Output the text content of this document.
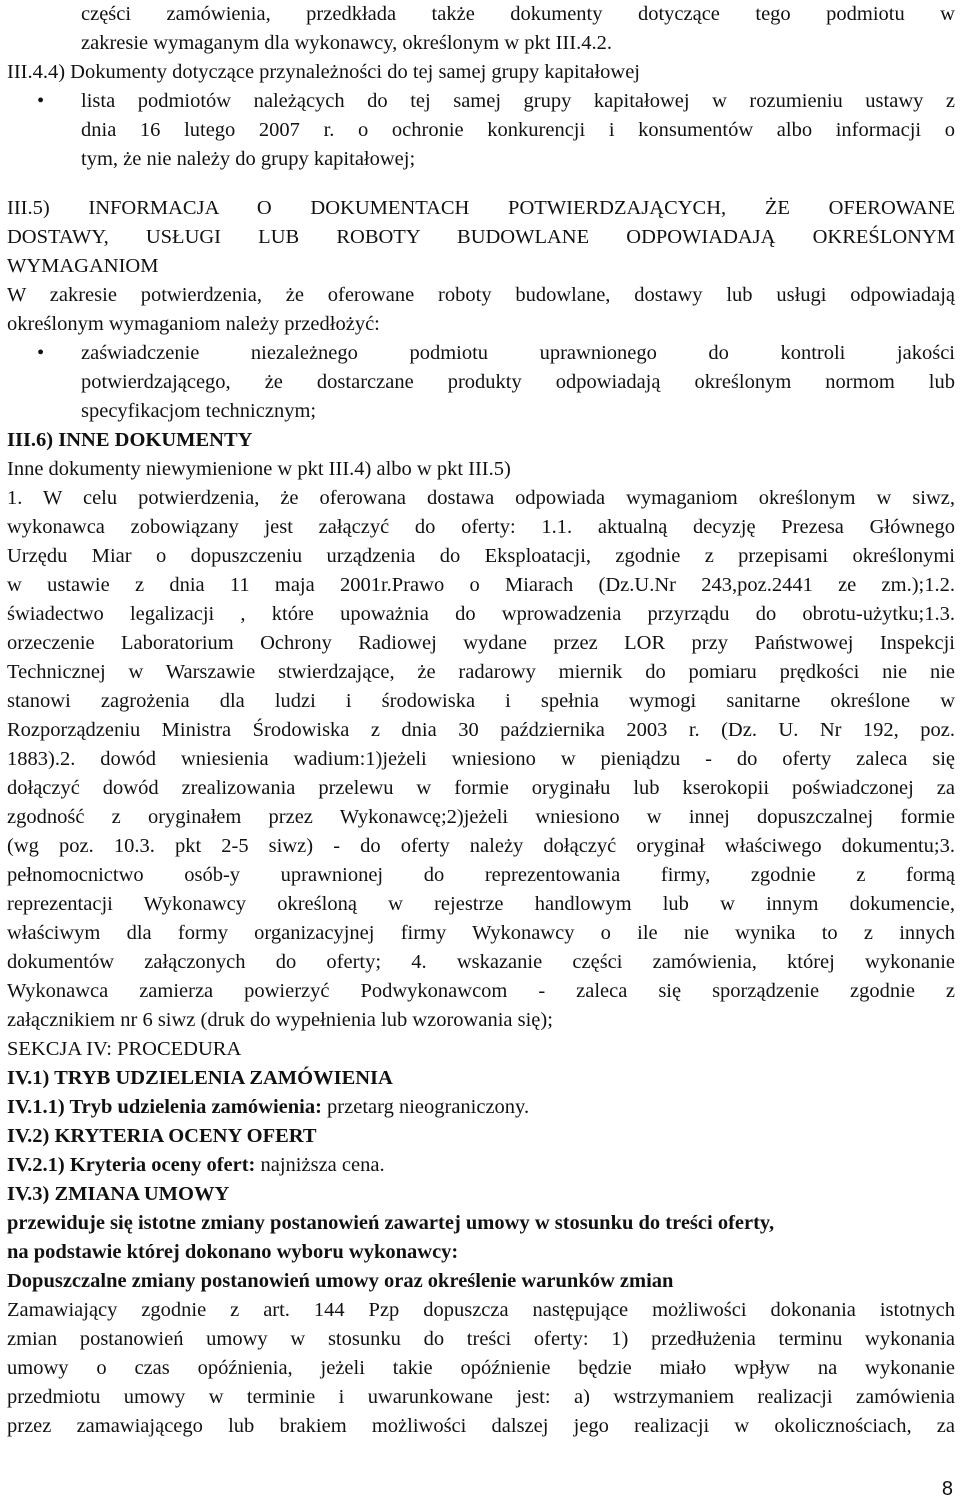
części zamówienia, przedkłada także dokumenty dotyczące tego podmiotu w
zakresie wymaganym dla wykonawcy, określonym w pkt III.4.2.
III.4.4) Dokumenty dotyczące przynależności do tej samej grupy kapitałowej
• lista podmiotów należących do tej samej grupy kapitałowej w rozumieniu ustawy z
dnia 16 lutego 2007 r. o ochronie konkurencji i konsumentów albo informacji o
tym, że nie należy do grupy kapitałowej;
III.5) INFORMACJA O DOKUMENTACH POTWIERDZAJĄCYCH, ŻE OFEROWANE
DOSTAWY, USŁUGI LUB ROBOTY BUDOWLANE ODPOWIADAJĄ OKREŚLONYM
WYMAGANIOM
W zakresie potwierdzenia, że oferowane roboty budowlane, dostawy lub usługi odpowiadają
określonym wymaganiom należy przedłożyć:
• zaświadczenie niezależnego podmiotu uprawnionego do kontroli jakości
potwierdzającego, że dostarczane produkty odpowiadają określonym normom lub
specyfikacjom technicznym;
III.6) INNE DOKUMENTY
Inne dokumenty niewymienione w pkt III.4) albo w pkt III.5)
1. W celu potwierdzenia, że oferowana dostawa odpowiada wymaganiom określonym w siwz,
wykonawca zobowiązany jest załączyć do oferty: 1.1. aktualną decyzję Prezesa Głównego
Urzędu Miar o dopuszczeniu urządzenia do Eksploatacji, zgodnie z przepisami określonymi
w ustawie z dnia 11 maja 2001r.Prawo o Miarach (Dz.U.Nr 243,poz.2441 ze zm.);1.2.
świadectwo legalizacji , które upoważnia do wprowadzenia przyrządu do obrotu-użytku;1.3.
orzeczenie Laboratorium Ochrony Radiowej wydane przez LOR przy Państwowej Inspekcji
Technicznej w Warszawie stwierdzające, że radarowy miernik do pomiaru prędkości nie nie
stanowi zagrożenia dla ludzi i środowiska i spełnia wymogi sanitarne określone w
Rozporządzeniu Ministra Środowiska z dnia 30 października 2003 r. (Dz. U. Nr 192, poz.
1883).2. dowód wniesienia wadium:1)jeżeli wniesiono w pieniądzu - do oferty zaleca się
dołączyć dowód zrealizowania przelewu w formie oryginału lub kserokopii poświadczonej za
zgodność z oryginałem przez Wykonawcę;2)jeżeli wniesiono w innej dopuszczalnej formie
(wg poz. 10.3. pkt 2-5 siwz) - do oferty należy dołączyć oryginał właściwego dokumentu;3.
pełnomocnictwo osób-y uprawnionej do reprezentowania firmy, zgodnie z formą
reprezentacji Wykonawcy określoną w rejestrze handlowym lub w innym dokumencie,
właściwym dla formy organizacyjnej firmy Wykonawcy o ile nie wynika to z innych
dokumentów załączonych do oferty; 4. wskazanie części zamówienia, której wykonanie
Wykonawca zamierza powierzyć Podwykonawcom - zaleca się sporządzenie zgodnie z
załącznikiem nr 6 siwz (druk do wypełnienia lub wzorowania się);
SEKCJA IV: PROCEDURA
IV.1) TRYB UDZIELENIA ZAMÓWIENIA
IV.1.1) Tryb udzielenia zamówienia: przetarg nieograniczony.
IV.2) KRYTERIA OCENY OFERT
IV.2.1) Kryteria oceny ofert: najniższa cena.
IV.3) ZMIANA UMOWY
przewiduje się istotne zmiany postanowień zawartej umowy w stosunku do treści oferty,
na podstawie której dokonano wyboru wykonawcy:
Dopuszczalne zmiany postanowień umowy oraz określenie warunków zmian
Zamawiający zgodnie z art. 144 Pzp dopuszcza następujące możliwości dokonania istotnych
zmian postanowień umowy w stosunku do treści oferty: 1) przedłużenia terminu wykonania
umowy o czas opóźnienia, jeżeli takie opóźnienie będzie miało wpływ na wykonanie
przedmiotu umowy w terminie i uwarunkowane jest: a) wstrzymaniem realizacji zamówienia
przez zamawiającego lub brakiem możliwości dalszej jego realizacji w okolicznościach, za
8
